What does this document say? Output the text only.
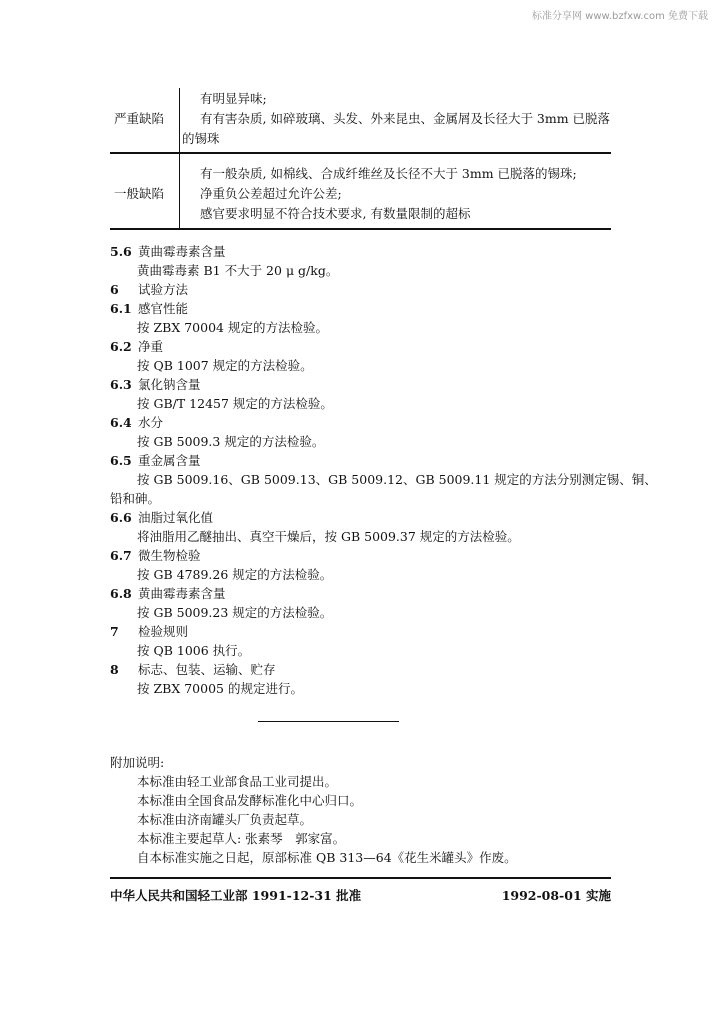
标准分享网 www.bzfxw.com 免费下载
严重缺陷
有明显异味;
有有害杂质, 如碎玻璃、头发、外来昆虫、金属屑及长径大于 3mm 已脱落
的锡珠
一般缺陷
有一般杂质, 如棉线、合成纤维丝及长径不大于 3mm 已脱落的锡珠;
净重负公差超过允许公差;
感官要求明显不符合技术要求, 有数量限制的超标
5.6 黄曲霉毒素含量
黄曲霉毒素 B1 不大于 20 μ g/kg。
6 试验方法
6.1 感官性能
按 ZBX 70004 规定的方法检验。
6.2 净重
按 QB 1007 规定的方法检验。
6.3 氯化钠含量
按 GB/T 12457 规定的方法检验。
6.4 水分
按 GB 5009.3 规定的方法检验。
6.5 重金属含量
按 GB 5009.16、GB 5009.13、GB 5009.12、GB 5009.11 规定的方法分别测定锡、铜、
铅和砷。
6.6 油脂过氧化值
将油脂用乙醚抽出、真空干燥后，按 GB 5009.37 规定的方法检验。
6.7 微生物检验
按 GB 4789.26 规定的方法检验。
6.8 黄曲霉毒素含量
按 GB 5009.23 规定的方法检验。
7 检验规则
按 QB 1006 执行。
8 标志、包装、运输、贮存
按 ZBX 70005 的规定进行。
附加说明:
本标准由轻工业部食品工业司提出。
本标准由全国食品发酵标准化中心归口。
本标准由济南罐头厂负责起草。
本标准主要起草人: 张素琴　郭家富。
自本标准实施之日起，原部标准 QB 313—64《花生米罐头》作废。
中华人民共和国轻工业部 1991-12-31 批准	1992-08-01 实施
